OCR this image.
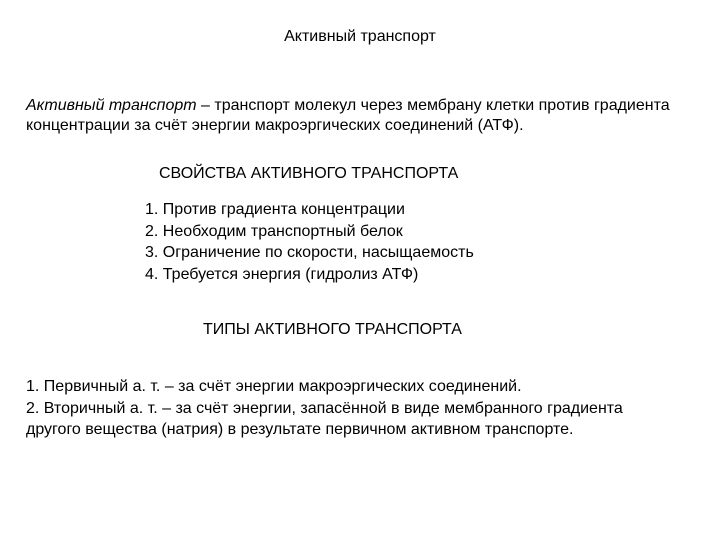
Активный транспорт

Активный транспорт – транспорт молекул через мембрану клетки против градиента концентрации за счёт энергии макроэргических соединений (АТФ).

СВОЙСТВА АКТИВНОГО ТРАНСПОРТА
1. Против градиента концентрации
2. Необходим транспортный белок
3. Ограничение по скорости, насыщаемость
4. Требуется энергия (гидролиз АТФ)
ТИПЫ АКТИВНОГО ТРАНСПОРТА
1. Первичный а. т. – за счёт энергии макроэргических соединений.
2. Вторичный а. т. – за счёт энергии, запасённой в виде мембранного градиента другого вещества (натрия) в результате первичном активном транспорте.
